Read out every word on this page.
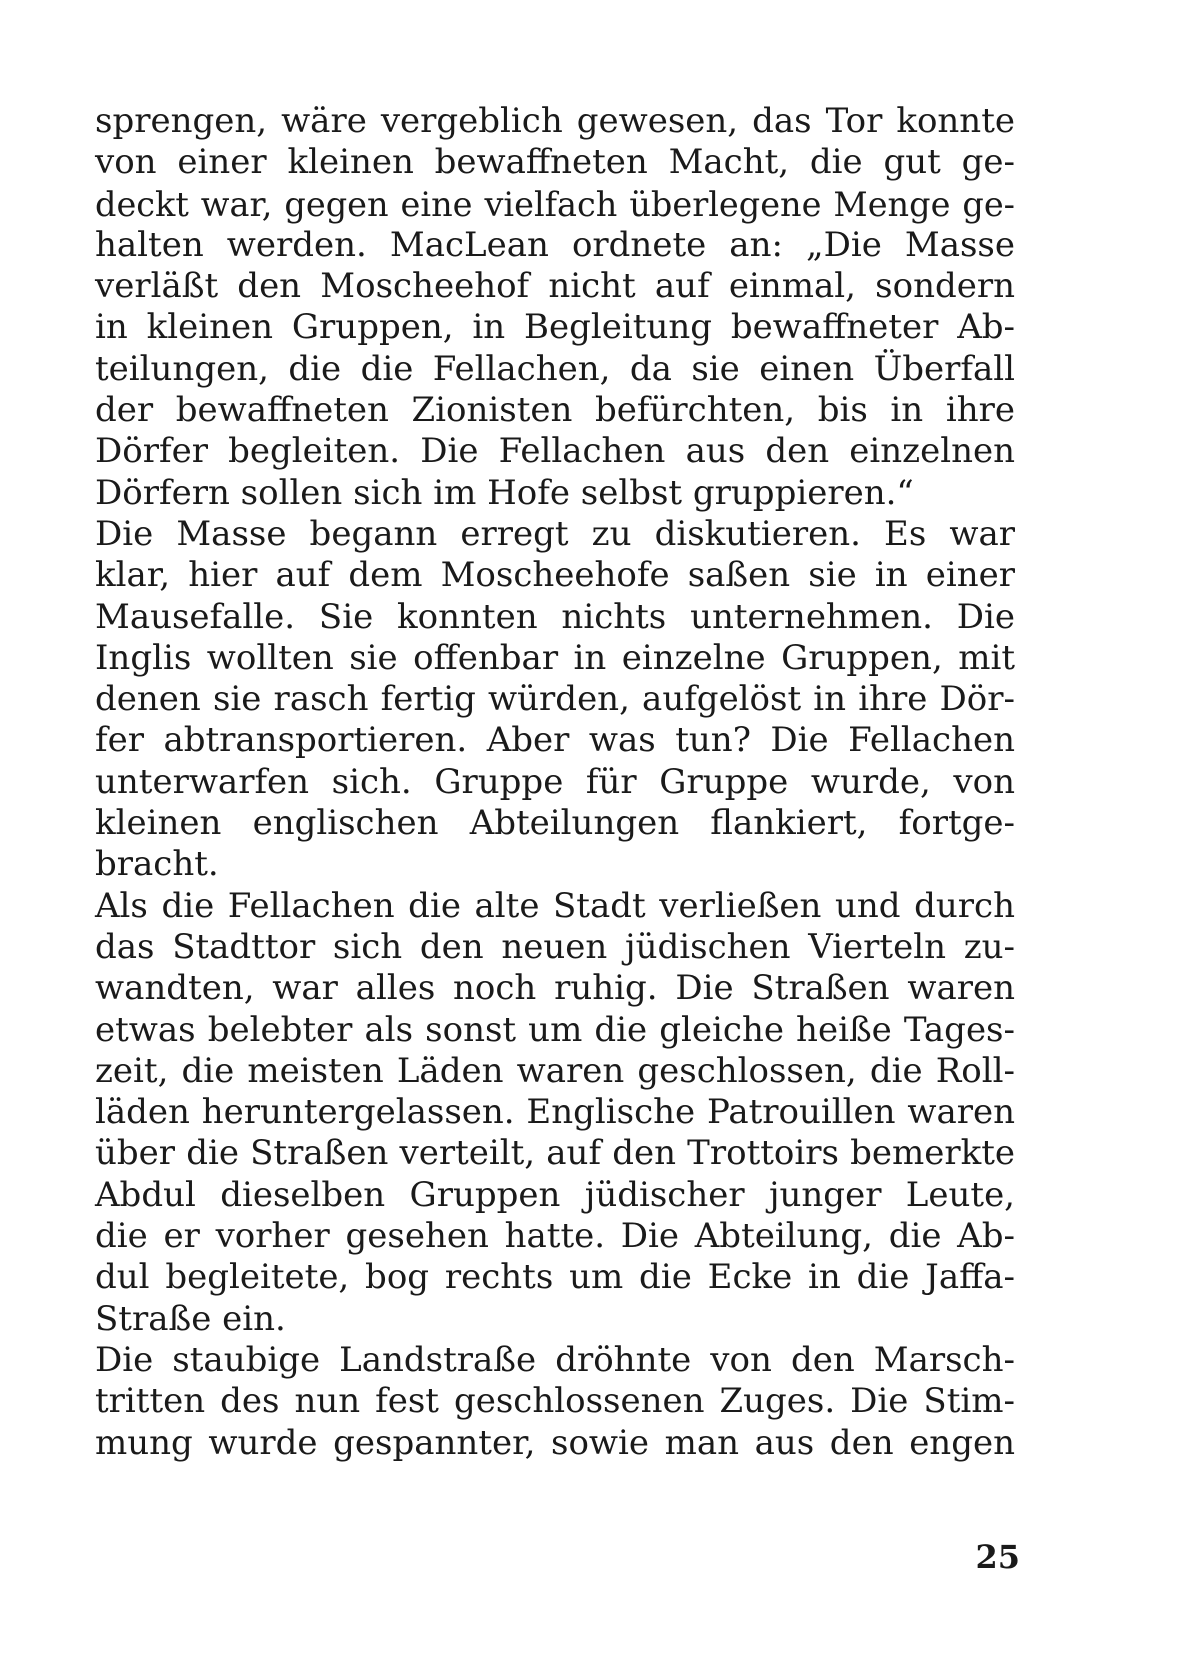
sprengen, wäre vergeblich gewesen, das Tor konnte
von einer kleinen bewaffneten Macht, die gut ge-
deckt war, gegen eine vielfach überlegene Menge ge-
halten werden. MacLean ordnete an: „Die Masse
verläßt den Moscheehof nicht auf einmal, sondern
in kleinen Gruppen, in Begleitung bewaffneter Ab-
teilungen, die die Fellachen, da sie einen Überfall
der bewaffneten Zionisten befürchten, bis in ihre
Dörfer begleiten. Die Fellachen aus den einzelnen
Dörfern sollen sich im Hofe selbst gruppieren.“
Die Masse begann erregt zu diskutieren. Es war
klar, hier auf dem Moscheehofe saßen sie in einer
Mausefalle. Sie konnten nichts unternehmen. Die
Inglis wollten sie offenbar in einzelne Gruppen, mit
denen sie rasch fertig würden, aufgelöst in ihre Dör-
fer abtransportieren. Aber was tun? Die Fellachen
unterwarfen sich. Gruppe für Gruppe wurde, von
kleinen englischen Abteilungen flankiert, fortge-
bracht.
Als die Fellachen die alte Stadt verließen und durch
das Stadttor sich den neuen jüdischen Vierteln zu-
wandten, war alles noch ruhig. Die Straßen waren
etwas belebter als sonst um die gleiche heiße Tages-
zeit, die meisten Läden waren geschlossen, die Roll-
läden heruntergelassen. Englische Patrouillen waren
über die Straßen verteilt, auf den Trottoirs bemerkte
Abdul dieselben Gruppen jüdischer junger Leute,
die er vorher gesehen hatte. Die Abteilung, die Ab-
dul begleitete, bog rechts um die Ecke in die Jaffa-
Straße ein.
Die staubige Landstraße dröhnte von den Marsch-
tritten des nun fest geschlossenen Zuges. Die Stim-
mung wurde gespannter, sowie man aus den engen
25
